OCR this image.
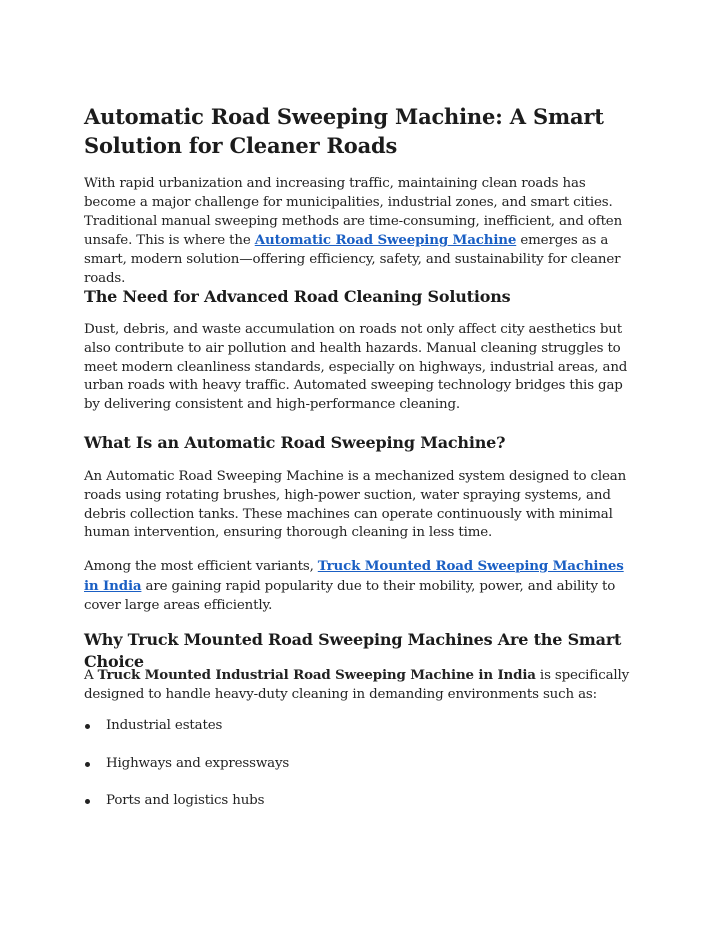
Automatic Road Sweeping Machine: A Smart Solution for Cleaner Roads

With rapid urbanization and increasing traffic, maintaining clean roads has become a major challenge for municipalities, industrial zones, and smart cities. Traditional manual sweeping methods are time-consuming, inefficient, and often unsafe. This is where the Automatic Road Sweeping Machine emerges as a smart, modern solution—offering efficiency, safety, and sustainability for cleaner roads.

The Need for Advanced Road Cleaning Solutions

Dust, debris, and waste accumulation on roads not only affect city aesthetics but also contribute to air pollution and health hazards. Manual cleaning struggles to meet modern cleanliness standards, especially on highways, industrial areas, and urban roads with heavy traffic. Automated sweeping technology bridges this gap by delivering consistent and high-performance cleaning.

What Is an Automatic Road Sweeping Machine?

An Automatic Road Sweeping Machine is a mechanized system designed to clean roads using rotating brushes, high-power suction, water spraying systems, and debris collection tanks. These machines can operate continuously with minimal human intervention, ensuring thorough cleaning in less time.

Among the most efficient variants, Truck Mounted Road Sweeping Machines in India are gaining rapid popularity due to their mobility, power, and ability to cover large areas efficiently.

Why Truck Mounted Road Sweeping Machines Are the Smart Choice

A Truck Mounted Industrial Road Sweeping Machine in India is specifically designed to handle heavy-duty cleaning in demanding environments such as:

Industrial estates
Highways and expressways
Ports and logistics hubs
